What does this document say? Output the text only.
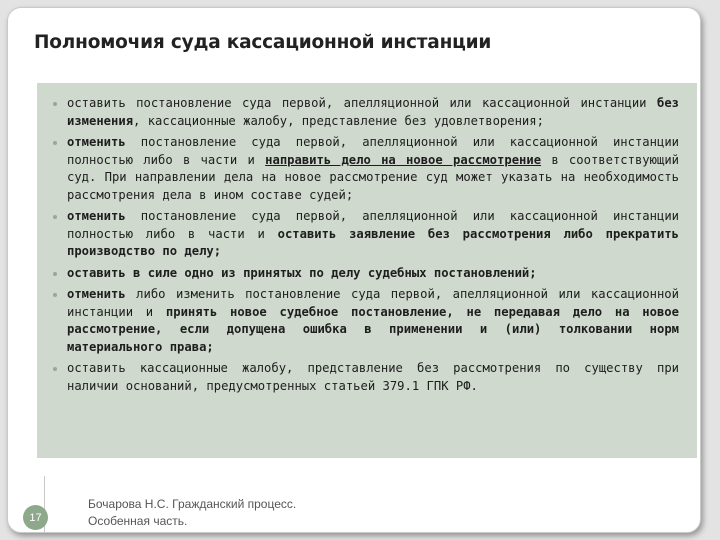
Полномочия суда кассационной инстанции
оставить постановление суда первой, апелляционной или кассационной инстанции без изменения, кассационные жалобу, представление без удовлетворения;
отменить постановление суда первой, апелляционной или кассационной инстанции полностью либо в части и направить дело на новое рассмотрение в соответствующий суд. При направлении дела на новое рассмотрение суд может указать на необходимость рассмотрения дела в ином составе судей;
отменить постановление суда первой, апелляционной или кассационной инстанции полностью либо в части и оставить заявление без рассмотрения либо прекратить производство по делу;
оставить в силе одно из принятых по делу судебных постановлений;
отменить либо изменить постановление суда первой, апелляционной или кассационной инстанции и принять новое судебное постановление, не передавая дело на новое рассмотрение, если допущена ошибка в применении и (или) толковании норм материального права;
оставить кассационные жалобу, представление без рассмотрения по существу при наличии оснований, предусмотренных статьей 379.1 ГПК РФ.
17
Бочарова Н.С. Гражданский процесс.
Особенная часть.
